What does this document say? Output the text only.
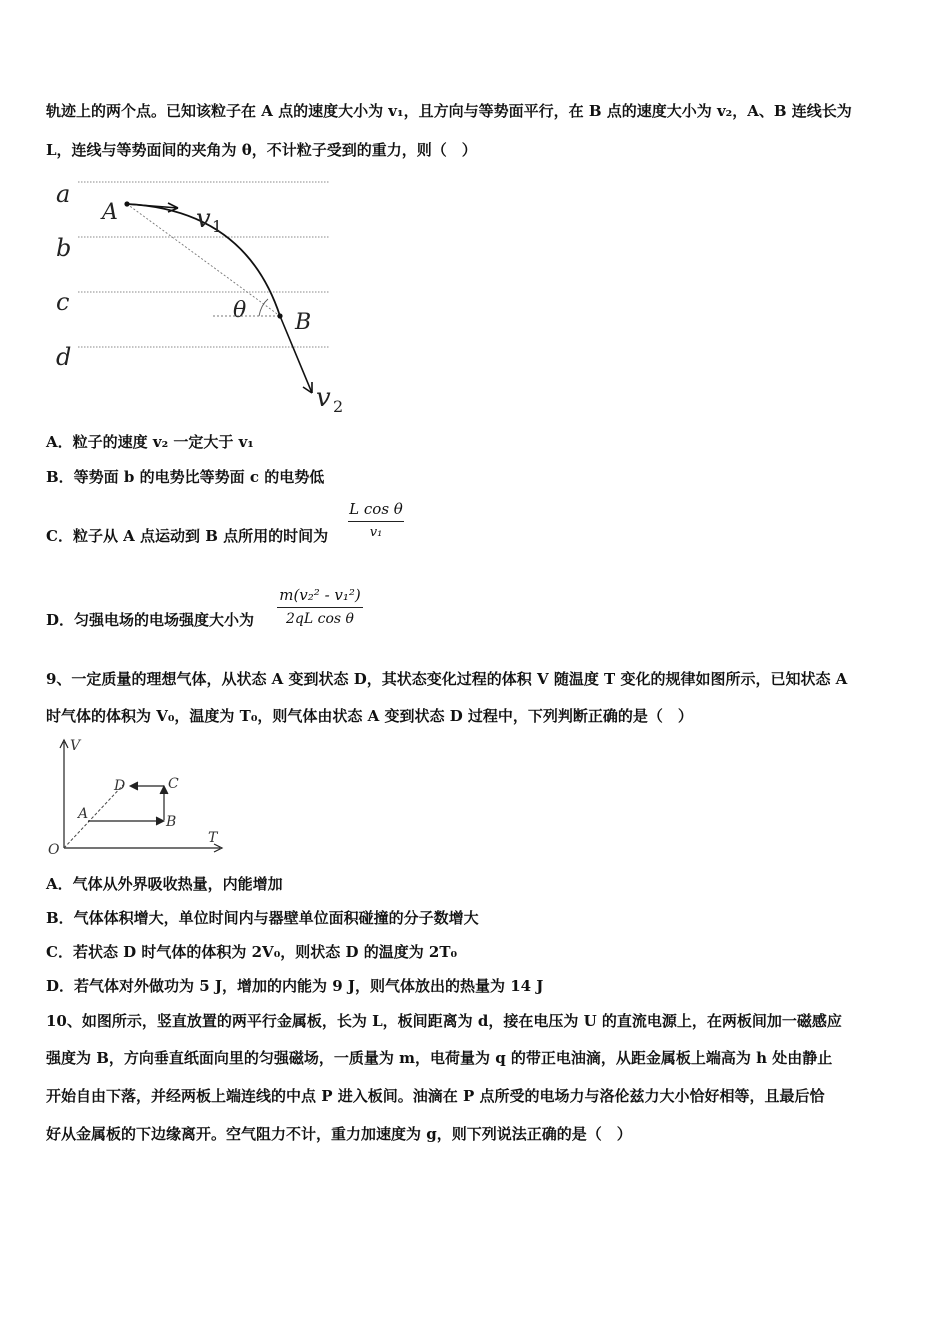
轨迹上的两个点。已知该粒子在 A 点的速度大小为 v₁，且方向与等势面平行，在 B 点的速度大小为 v₂，A、B 连线长为
L，连线与等势面间的夹角为 θ，不计粒子受到的重力，则（　）
a
b
c
d
A
B
v 1
v 2
θ
A．粒子的速度 v₂ 一定大于 v₁
B．等势面 b 的电势比等势面 c 的电势低
C．粒子从 A 点运动到 B 点所用的时间为
L cos θ
v₁
D．匀强电场的电场强度大小为
m(v₂² - v₁²)
2qL cos θ
9、一定质量的理想气体，从状态 A 变到状态 D，其状态变化过程的体积 V 随温度 T 变化的规律如图所示，已知状态 A
时气体的体积为 V₀，温度为 T₀，则气体由状态 A 变到状态 D 过程中，下列判断正确的是（　）
V
T
O
A	B
C
D
A．气体从外界吸收热量，内能增加
B．气体体积增大，单位时间内与器壁单位面积碰撞的分子数增大
C．若状态 D 时气体的体积为 2V₀，则状态 D 的温度为 2T₀
D．若气体对外做功为 5 J，增加的内能为 9 J，则气体放出的热量为 14 J
10、如图所示，竖直放置的两平行金属板，长为 L，板间距离为 d，接在电压为 U 的直流电源上，在两板间加一磁感应
强度为 B，方向垂直纸面向里的匀强磁场，一质量为 m，电荷量为 q 的带正电油滴，从距金属板上端高为 h 处由静止
开始自由下落，并经两板上端连线的中点 P 进入板间。油滴在 P 点所受的电场力与洛伦兹力大小恰好相等，且最后恰
好从金属板的下边缘离开。空气阻力不计，重力加速度为 g，则下列说法正确的是（　）
